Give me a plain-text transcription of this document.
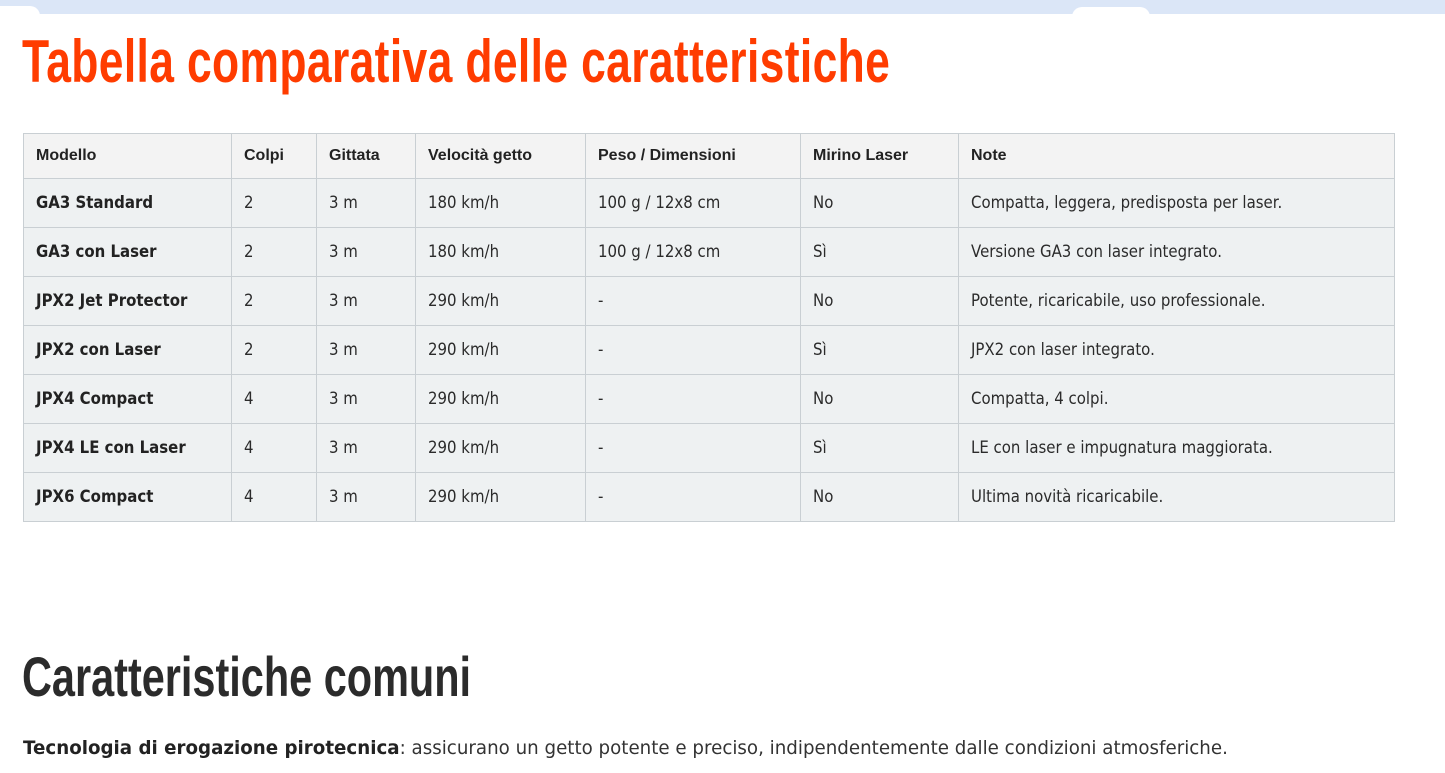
Tabella comparativa delle caratteristiche
Modello	Colpi	Gittata	Velocità getto	Peso / Dimensioni	Mirino Laser	Note
GA3 Standard	2	3 m	180 km/h	100 g / 12x8 cm	No	Compatta, leggera, predisposta per laser.
GA3 con Laser	2	3 m	180 km/h	100 g / 12x8 cm	Sì	Versione GA3 con laser integrato.
JPX2 Jet Protector	2	3 m	290 km/h	-	No	Potente, ricaricabile, uso professionale.
JPX2 con Laser	2	3 m	290 km/h	-	Sì	JPX2 con laser integrato.
JPX4 Compact	4	3 m	290 km/h	-	No	Compatta, 4 colpi.
JPX4 LE con Laser	4	3 m	290 km/h	-	Sì	LE con laser e impugnatura maggiorata.
JPX6 Compact	4	3 m	290 km/h	-	No	Ultima novità ricaricabile.
Caratteristiche comuni

Tecnologia di erogazione pirotecnica: assicurano un getto potente e preciso, indipendentemente dalle condizioni atmosferiche.
